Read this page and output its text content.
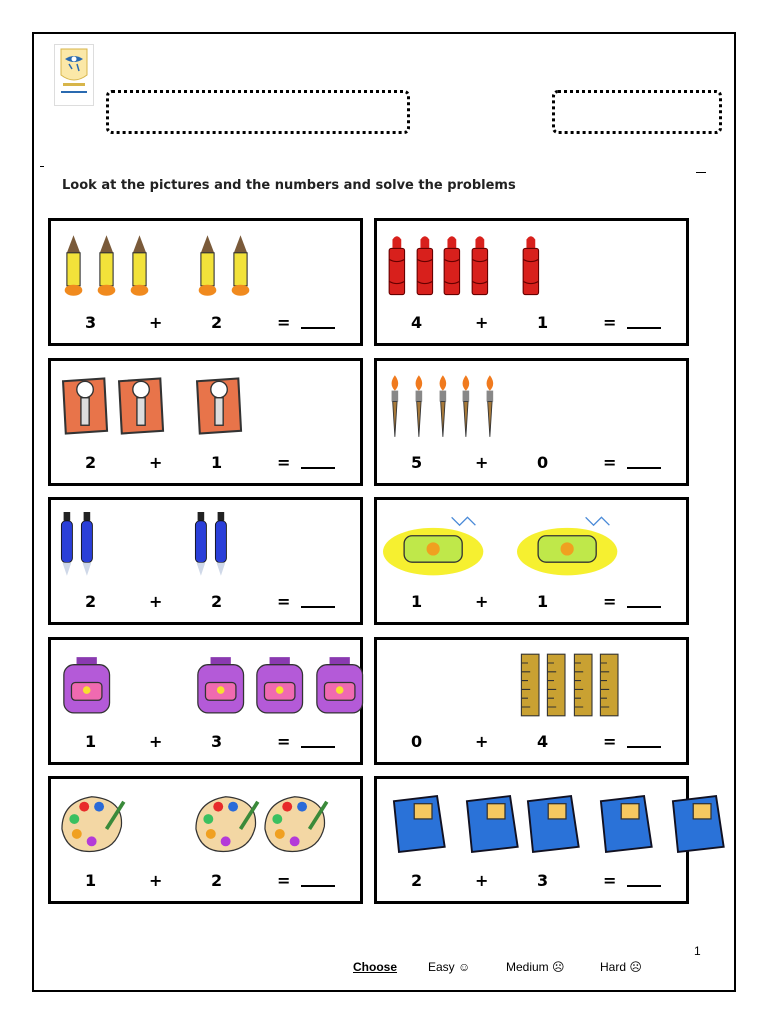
Look at the pictures and the numbers and solve the problems
3	+	2	=	4	+	1	=
2	+	1	=	5	+	0	=
2	+	2	=	1	+	1	=
1	+	3	=	0	+	4	=
1	+	2	=	2	+	3	=
1
Choose	Easy ☺	Medium ☹	Hard ☹
